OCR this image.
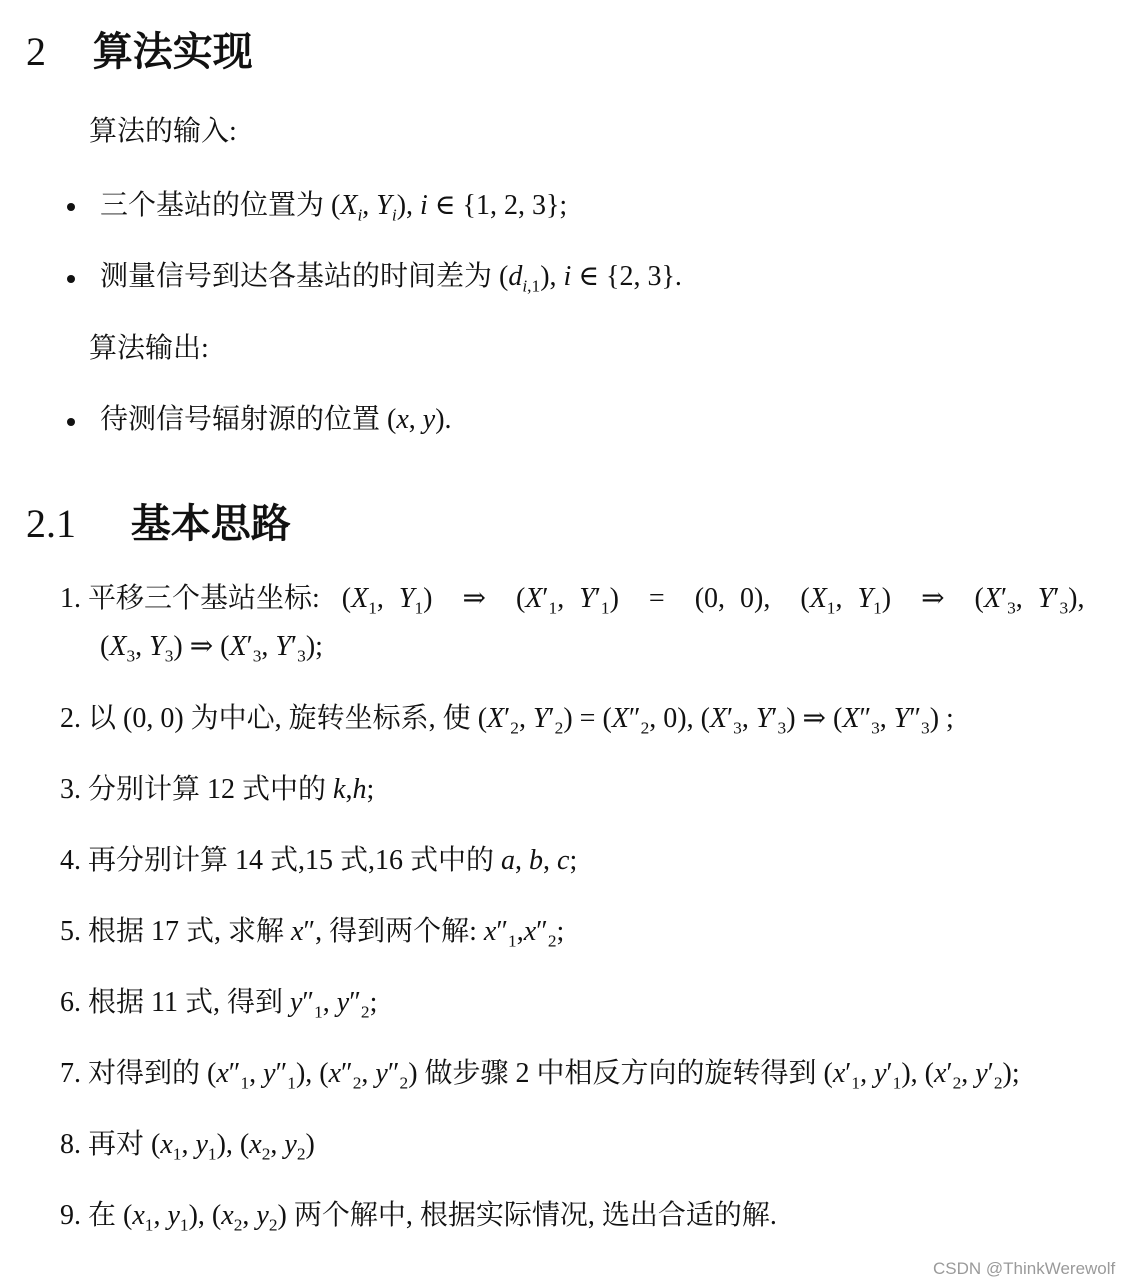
2 算法实现
算法的输入:
三个基站的位置为 ($X_i$, $Y_i$), i ∈ {1, 2, 3};
测量信号到达各基站的时间差为 $(d_{i,1})$, i ∈ {2, 3}.
算法输出:
待测信号辐射源的位置 (x, y).
2.1 基本思路
1. 平移三个基站坐标:  ($X_1$, $Y_1$)  ⇒  ($X'_1$, $Y'_1) = (0$, 0),  ($X_1$, $Y_1$)  ⇒  ($X'_3$, $Y'_3$),
($X_3$, $Y_3$) ⇒ ($X'_3$, $Y'_3$);
2. 以 (0, 0) 为中心, 旋转坐标系, 使 ($X'_2$, $Y'_2) = (X''_2$, 0), ($X'_3$, $Y'_3$) ⇒ ($X''_3$, $Y''_3$) ;
3. 分别计算 12 式中的 k,h;
4. 再分别计算 14 式,15 式,16 式中的 a, b, c;
5. 根据 17 式, 求解 x″, 得到两个解: $x''_1,x''_2$;
6. 根据 11 式, 得到 $y''_1$, $y''_2$;
7. 对得到的 ($x''_1$, $y''_1$), ($x''_2$, $y''_2$) 做步骤 2 中相反方向的旋转得到 ($x'_1$, $y'_1$), ($x'_2$, $y'_2$);
8. 再对 ($x_1$, $y_1$), ($x_2$, $y_2$)
9. 在 ($x_1$, $y_1$), ($x_2$, $y_2$) 两个解中, 根据实际情况, 选出合适的解.
CSDN @ThinkWerewolf
